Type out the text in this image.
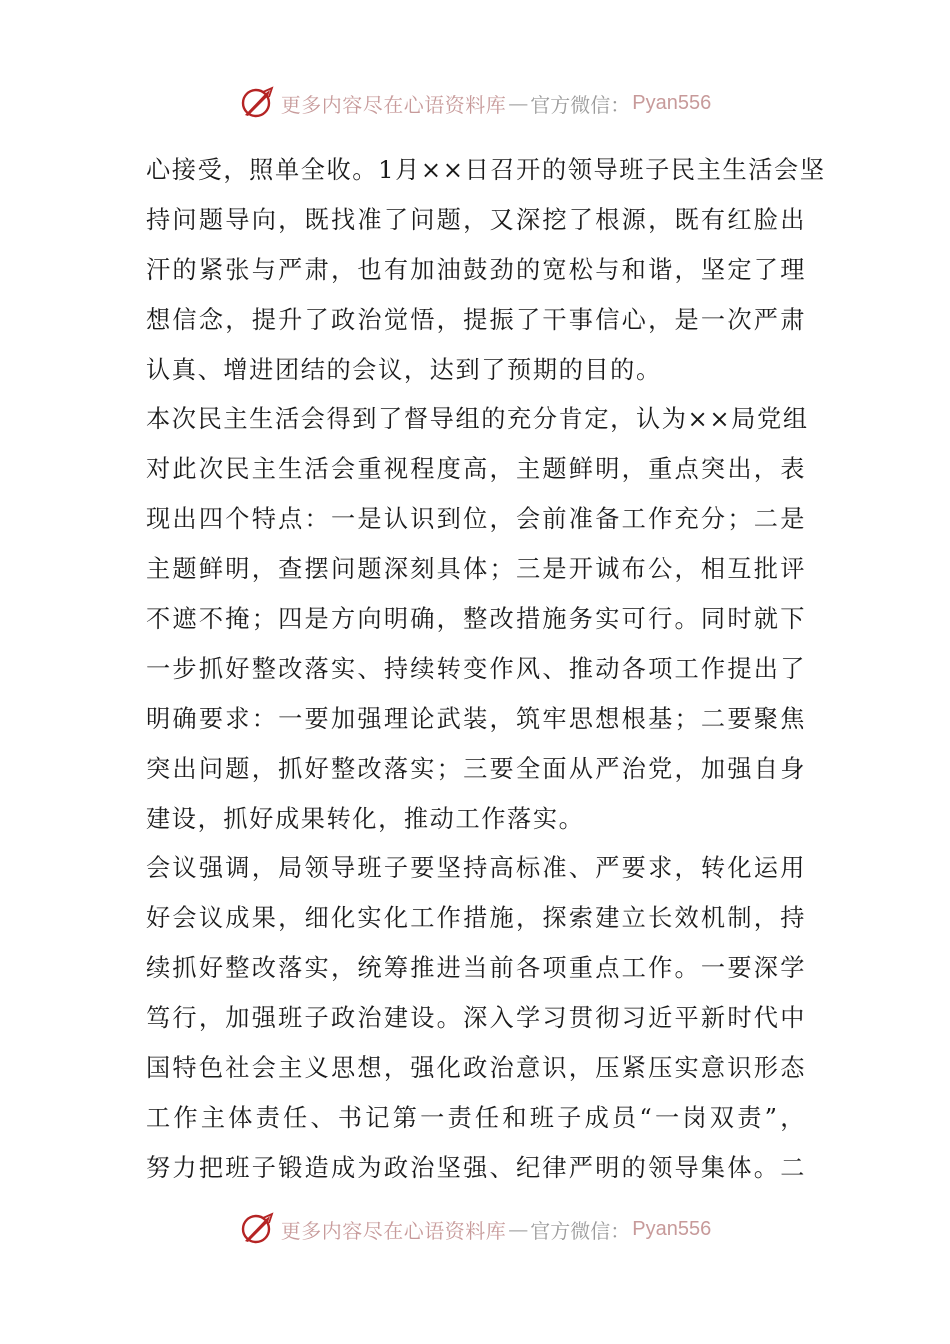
更多内容尽在心语资料库 — 官方微信： Pyan556
心接受，照单全收。1月××日召开的领导班子民主生活会坚
持问题导向，既找准了问题，又深挖了根源，既有红脸出
汗的紧张与严肃，也有加油鼓劲的宽松与和谐，坚定了理
想信念，提升了政治觉悟，提振了干事信心，是一次严肃
认真、增进团结的会议，达到了预期的目的。
本次民主生活会得到了督导组的充分肯定，认为××局党组
对此次民主生活会重视程度高，主题鲜明，重点突出，表
现出四个特点：一是认识到位，会前准备工作充分；二是
主题鲜明，查摆问题深刻具体；三是开诚布公，相互批评
不遮不掩；四是方向明确，整改措施务实可行。同时就下
一步抓好整改落实、持续转变作风、推动各项工作提出了
明确要求：一要加强理论武装，筑牢思想根基；二要聚焦
突出问题，抓好整改落实；三要全面从严治党，加强自身
建设，抓好成果转化，推动工作落实。
会议强调，局领导班子要坚持高标准、严要求，转化运用
好会议成果，细化实化工作措施，探索建立长效机制，持
续抓好整改落实，统筹推进当前各项重点工作。一要深学
笃行，加强班子政治建设。深入学习贯彻习近平新时代中
国特色社会主义思想，强化政治意识，压紧压实意识形态
工作主体责任、书记第一责任和班子成员“一岗双责”，
努力把班子锻造成为政治坚强、纪律严明的领导集体。二
更多内容尽在心语资料库 — 官方微信： Pyan556
